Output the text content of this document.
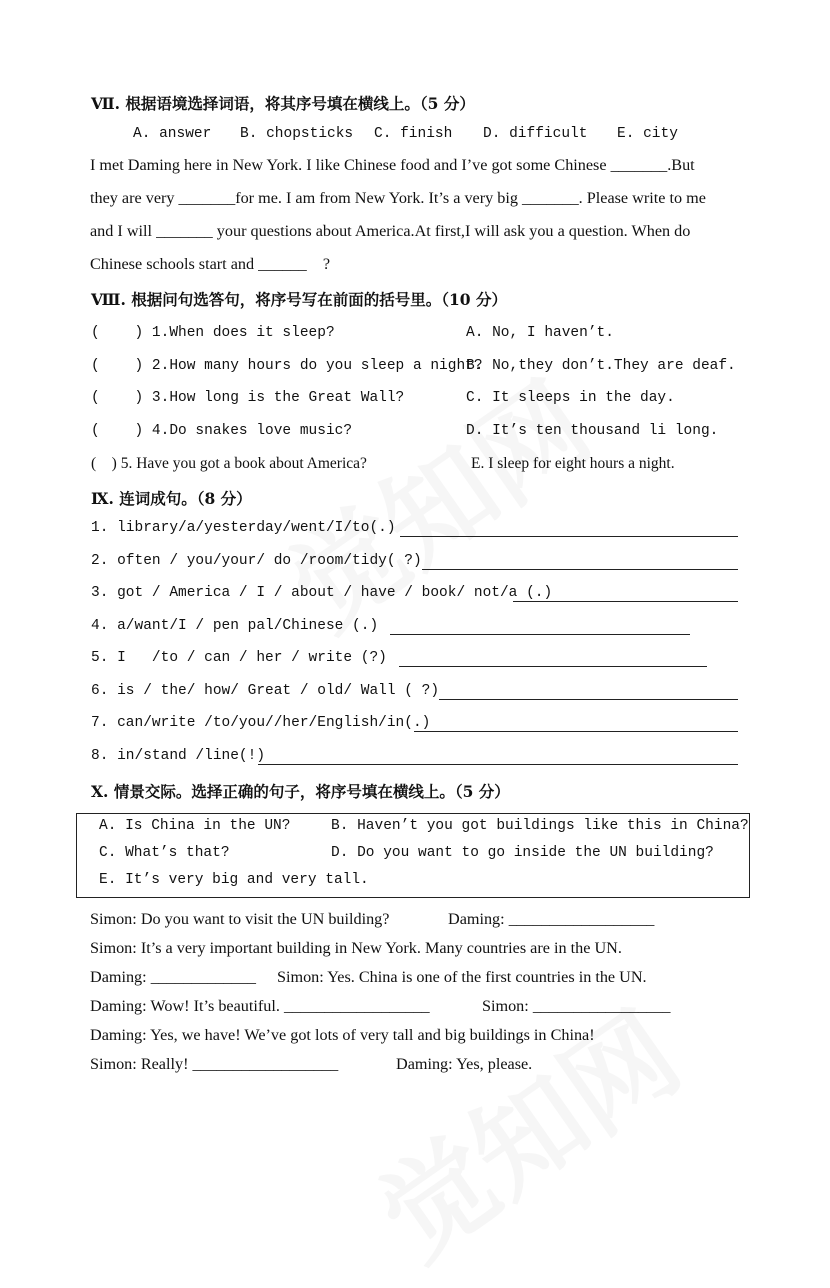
Ⅶ. 根据语境选择词语，将其序号填在横线上。（5 分）
A. answer B. chopsticks C. finish D. difficult E. city
I met Daming here in New York. I like Chinese food and I’ve got some Chinese _______.But
they are very _______for me. I am from New York. It’s a very big _______. Please write to me
and I will _______ your questions about America.At first,I will ask you a question. When do
Chinese schools start and ______    ?
Ⅷ. 根据问句选答句，将序号写在前面的括号里。（10 分）
(    ) 1.When does it sleep?
(    ) 2.How many hours do you sleep a night?
(    ) 3.How long is the Great Wall?
(    ) 4.Do snakes love music?
(    ) 5. Have you got a book about America?
A. No, I haven’t.
B. No,they don’t.They are deaf.
C. It sleeps in the day.
D. It’s ten thousand li long.
E. I sleep for eight hours a night.
Ⅸ. 连词成句。（8 分）
1. library/a/yesterday/went/I/to(.)
2. often / you/your/ do /room/tidy( ?)
3. got / America / I / about / have / book/ not/a (.)
4. a/want/I / pen pal/Chinese (.)
5. I   /to / can / her / write (?)
6. is / the/ how/ Great / old/ Wall ( ?)
7. can/write /to/you//her/English/in(.)
8. in/stand /line(!)
Ⅹ. 情景交际。选择正确的句子，将序号填在横线上。（5 分）
A. Is China in the UN?	B. Haven’t you got buildings like this in China?
C. What’s that?	D. Do you want to go inside the UN building?
E. It’s very big and very tall.
Simon: Do you want to visit the UN building?	Daming: __________________
Simon: It’s a very important building in New York. Many countries are in the UN.
Daming: _____________ Simon: Yes. China is one of the first countries in the UN.
Daming: Wow! It’s beautiful. __________________	Simon: _________________
Daming: Yes, we have! We’ve got lots of very tall and big buildings in China!
Simon: Really! __________________	Daming: Yes, please.
